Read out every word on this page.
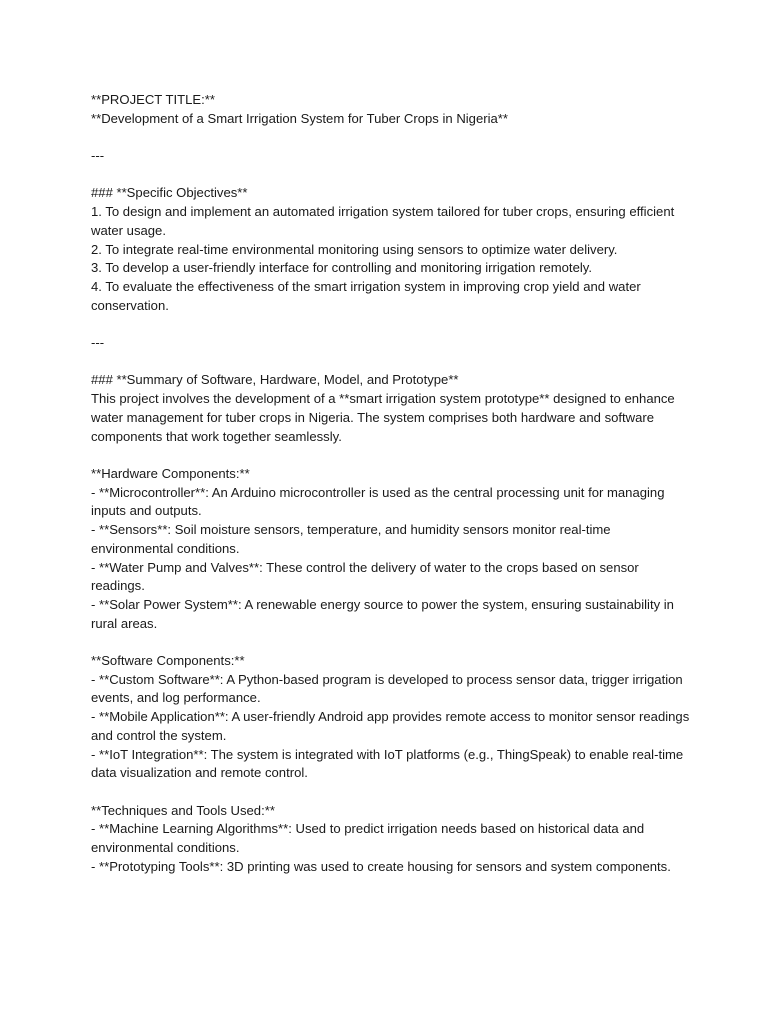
**PROJECT TITLE:**
**Development of a Smart Irrigation System for Tuber Crops in Nigeria**
---
### **Specific Objectives**
1. To design and implement an automated irrigation system tailored for tuber crops, ensuring efficient water usage.
2. To integrate real-time environmental monitoring using sensors to optimize water delivery.
3. To develop a user-friendly interface for controlling and monitoring irrigation remotely.
4. To evaluate the effectiveness of the smart irrigation system in improving crop yield and water conservation.
---
### **Summary of Software, Hardware, Model, and Prototype**
This project involves the development of a **smart irrigation system prototype** designed to enhance water management for tuber crops in Nigeria. The system comprises both hardware and software components that work together seamlessly.
**Hardware Components:**
- **Microcontroller**: An Arduino microcontroller is used as the central processing unit for managing inputs and outputs.
- **Sensors**: Soil moisture sensors, temperature, and humidity sensors monitor real-time environmental conditions.
- **Water Pump and Valves**: These control the delivery of water to the crops based on sensor readings.
- **Solar Power System**: A renewable energy source to power the system, ensuring sustainability in rural areas.
**Software Components:**
- **Custom Software**: A Python-based program is developed to process sensor data, trigger irrigation events, and log performance.
- **Mobile Application**: A user-friendly Android app provides remote access to monitor sensor readings and control the system.
- **IoT Integration**: The system is integrated with IoT platforms (e.g., ThingSpeak) to enable real-time data visualization and remote control.
**Techniques and Tools Used:**
- **Machine Learning Algorithms**: Used to predict irrigation needs based on historical data and environmental conditions.
- **Prototyping Tools**: 3D printing was used to create housing for sensors and system components.
